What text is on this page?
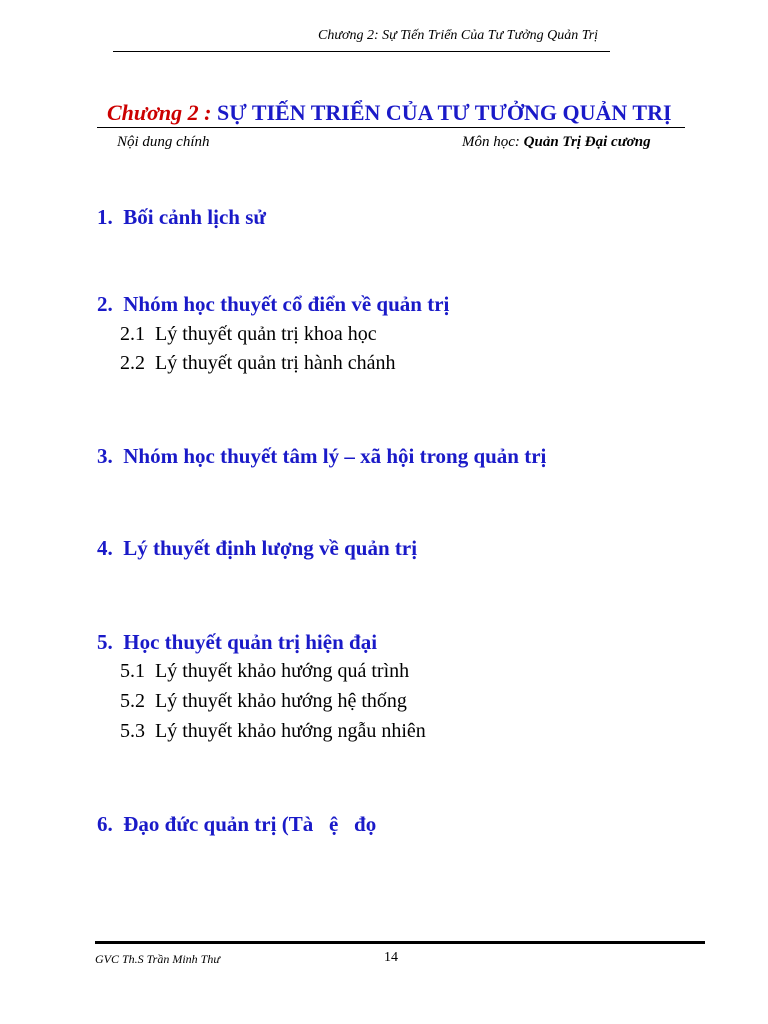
Chương 2: Sự Tiến Triển Của Tư Tưởng Quản Trị
Chương 2 : SỰ TIẾN TRIỂN CỦA TƯ TƯỞNG QUẢN TRỊ
Nội dung chính	Môn học: Quản Trị Đại cương
1.  Bối cảnh lịch sử
2.  Nhóm học thuyết cổ điển về quản trị
2.1  Lý thuyết quản trị khoa học
2.2  Lý thuyết quản trị hành chánh
3.  Nhóm học thuyết tâm lý – xã hội trong quản trị
4.  Lý thuyết định lượng về quản trị
5.  Học thuyết quản trị hiện đại
5.1  Lý thuyết khảo hướng quá trình
5.2  Lý thuyết khảo hướng hệ thống
5.3  Lý thuyết khảo hướng ngẫu nhiên
6.  Đạo đức quản trị (Tà   ệ   đọ
GVC Th.S Trần Minh Thư	14
